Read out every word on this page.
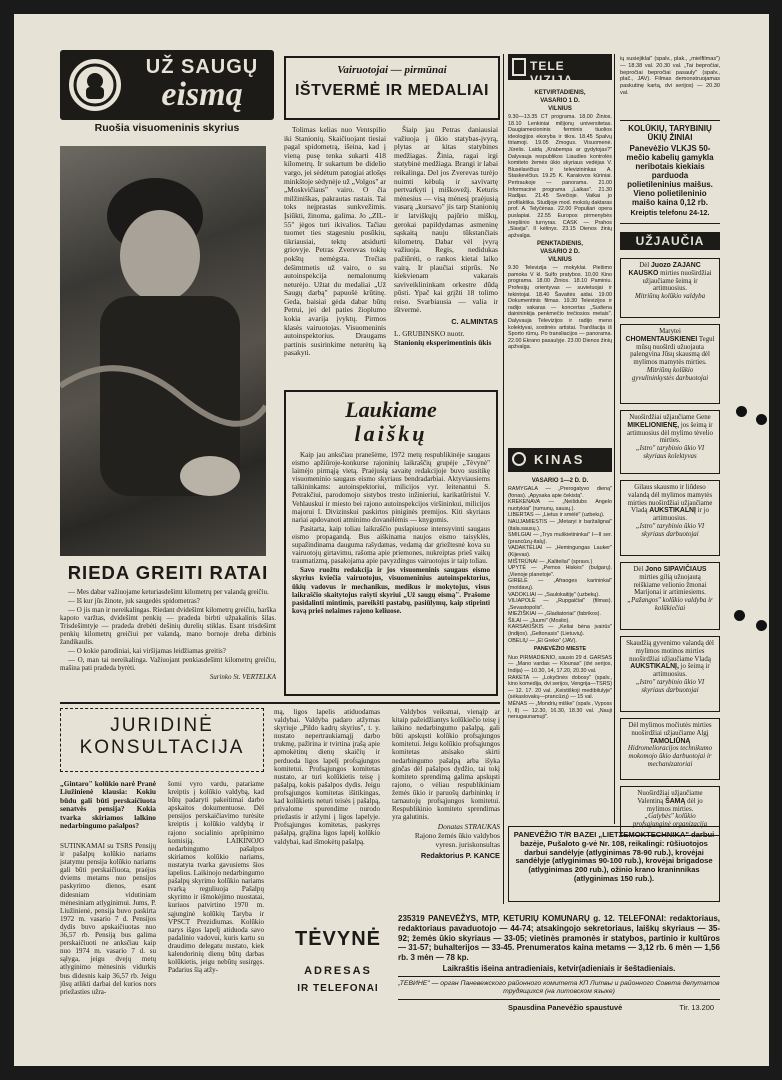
UŽ SAUGŲ
eismą
Ruošia visuomeninis skyrius
RIEDA GREITI RATAI

— Mes dabar važiuojame keturiasdešimt kilometrų per valandą greičiu.

— Iš kur jūs žinote, juk saugedės spidometras?

— O jis man ir nereikalingas. Riedant dvidešimt kilometrų greičiu, barška kapoto varžtas, dvidešimt penkių — pradeda birbti užpakalinis šilas. Trisdešimtyje — pradeda drebėti dešinių durelių stiklas. Esant trisdešimt penkių kilometrų greičiui per valandą, mano bornoje dreba dirbinis žandikaulis.

— O kokie parodiniai, kai viršijamas leidžiamas greitis?

— O, man tai nereikalinga. Važiuojant penkiasdešimt kilometrų greičiu, mašina pati pradeda byrėti.

Surinko St. VERTELKA
Vairuotojai — pirmūnai
IŠTVERMĖ IR MEDALIAI
Tolimas kelias nuo Ventspilio iki Stanionių. Skaičiuojant tiesiai pagal spidometrą, išeina, kad į vieną pusę tenka sukarti 418 kilometrų. Ir sukartum be didelio vargo, jei sėdėtum patogiai atlošęs minkštoje sėdynėje už „Volgos" ar „Moskvičiaus" vairo. O čia milžiniškas, pakrautas rastais. Tai toks neįprastas sunkvežimis. Įsiūkti, žinoma, galima. Jo „ZIL-55" jėgos turi ikivalios. Tačiau tuomet ties stagesniu posūkiu, tikriausiai, tektų atsidurti griovyje. Petras Zverevas tokių pokštų nemėgsta. Trečias dešimtmetis už vairo, o su autoinspekcija nemalonumų neturėjo. Užtat du medaliai „Už Saugų darbą" papuošė krūtinę. Geda, baisiai gėda dabar būtų Petrui, jei del paties žioplumo kokia avarija įvyktų. Pirmos klasės vairuotojas. Visuomeninis autoinspektorius. Draugams partinis susirinkime neturėtų ką pasakyti.
Šiaip jau Petras daniausiai važiuoja į ūkio statybas-įvyrą, plytas ar kitas statybines medžiagas. Žinia, ragai irgi statybinė medžiaga. Brangi ir labai reikalinga. Del jos Zverevas turėjo nuimti kėbulą ir savivartę pertvarkyti į miškovežį. Keturis mėnesius — visą mėnesį praėjusią vasarą „kursavo" jis tarp Stanionių ir latviškųjų pajūrio miškų, gerokai papildydamas asmeninę sąskaitą nauju tūkstančiais kilometrų. Dabar vėl įvyrą važiuoja. Regis, nedidukas pažiūrėti, o rankos kietai laiko vairą. Ir plaučiai stiprūs. Ne kiekvienam vakarais saviveiklininkam orkestre dūdą pūsti. Ypač kai grįžti 18 tolimo reiso. Svarbiausia — valia ir ištvermė.
C. ALMINTAS
L. GRUBINSKO nuotr.
Stanionių eksperimentinis ūkis
Laukiame
laiškų

Kaip jau anksčiau pranešėme, 1972 metų respublikinėje saugaus eismo apžiūroje-konkurse rajoninių laikraščių grupėje „Tėvynė" laimėjo pirmąją vietą. Praėjusią savaitę redakcijoje buvo susitikę visuomeninio saugaus eismo skyriaus bendradarbiai. Aktyviausiems talkininkams: autoinspektoriui, milicijos vyr. leitenantui S. Petrakčiui, parodomojo sistybos tresto inžinieriui, karikatūristui V. Vehlauskui ir miesto bei rajono autoinspekcijos viršininkui, milicijos majorui I. Divizinskui paskirtos piniginės premijos. Kiti skyriaus nariai apdovanoti atminimo dovanėlėmis — knygomis.

Pasitarta, kaip toliau laikraščio puslapiuose intensyvinti saugaus eismo propagandą. Bus aiškinama naujos eismo taisyklės, supažindinama dauguma rašydamas, vedamą dar griežtesnė kova su vairuotojų girtavimu, rašoma apie priemones, nukreiptas prieš vaikų traumatizmą, pasakojama apie pavyzdingus vairuotojus ir taip toliau.

Savo ruožtu redakcija ir jos visuomeninis saugaus eismo skyrius kviečia vairuotojus, visuomeninius autoinspektorius, ūkių vadovus ir mechanikus, medikus ir mokytojus, visus laikraščio skaitytojus rašyti skyriui „Už saugų eismą". Prašome pasidalinti mintimis, pareikšti pastabų, pasiūlymų, kaip stiprinti kovą prieš nelaimes rajono keliuose.

TELE VIZIJA
KETVIRTADIENIS,
VASARIO 1 D.
VILNIUS
9.30—13.35 CT programa. 18.00 Žinios. 18.10 Lenkiniai milijonų universitetas. Daugiamecioninis ferminis tiuolios ideologijos ekoryba ir tikra. 18.45 Spalvų tiriamoji. 19.05 Zmogus. Visuomenė. Jūrelis. Laidą „Krabempa ar gydytojas?" Dalyvauja respublikos Liaudies kontrolės komiteto žemės ūkio skyriaus vedėjas V. Blusėlavičius ir televizininkas A. Staskevičius. 19.25 K. Karaiovos kūriniai. Pertraukoje — panorama. 21.00 Informacinė programa „Laikas". 21.30 Radijas. 21.45 Svečioje. Vaikai jo profilaktika. Studijoje mod. mokslų daktaras prof. A. Telyčėnas. 22.00 Populiari opera puslapiai. 22.55 Europos pirmenybės krepšinio turnyras. CASK — Prahos „Slavija". Il kėlinys. 23.15 Dienos žinių apžvalga.
PENKTADIENIS,
VASARIO 2 D.
VILNIUS
9.30 Televizija — mokyklai. Piešimo pamoka V kl. Sulfo pratybos. 10.00 Kino programa. 18.00 Žinios. 18.10 Paminiu. Profesijų orientyvas — suvietuojai ir tekintojai. 18.40 Šavaitės aidai. 19.00 Dokumentinis filmas. 19.30 Televizijos ir radijo vakaras — koncertas „Sudiena dainininkija penkmečio trečiosios metais". Dalyvauja Televizijos ir radijo meno kolektyvai, sostinės artistai. Tranšlacija iš Sporto rūmų. Po transliacijos — panorama. 22.00 Ekrano pasaulyje. 23.00 Dienos žinių apžvalga.
KINAS
VASARIO 1—2 D. D.

RAMYGALA — „Prerogatyvo dieną" (fonas). „Apysaka apie čekistą".

KREKENAVA — „Neišdubs Angelo nuotykiai" (rumunų, sausų.).

LIBERTAS — „Lietus ir smėlė" (uzbekų).

NAUJAMIESTIS — „Metaryi ir baržalignai" (itala.sausų.).

SMILGIAI — „Trys muškietininkai" I—II ser. (prancūzų-italų).

VADAKTĖLIAI — „Hemingungas Lauker" (Kijevas).

MIŠTRŪNAI — „Kaliteliai" (spravs.)

UPYTĖ — „Pemos Hiskės" (bulgarų). „Vienoje planetoje".

GIRELĖ — „Afraoges karininkai" (moldavų).

VADOKLIAI — „Saulokaitiję" (uzbekų).

VILIAPOLĖ — „Rupgaičiai" (filmas). „Sevastopolis".

MIEŽIŠKIAI — „Gladiatoriai" (fabrikos).

ŠILAI — „Juumi" (Moslin).

KARSAKIŠKIS — „Keliai bėna įvairūs" (indijos). „Geltonasis" (Lietuvių).

OBELIŲ — „El Greko" (JAV).

PANEVĖŽIO MIESTE

Nuo PIRMADIENIO, sausio 29 d. GARSAS — „Mano vardas — Klounas" (dvi serijos, Indija) — 10.30, 14, 17.20, 20.30 val.

RAKETA — „Lokyčinės dobosy" (spalv., kino komedija, dvi serijos, Vengrija—TSRS) — 12. 17. 20 val. „Keistiškoji medibilulyje" (sėkaslovakų—prancūzų) — 15 val.

MĖNAS — „Mondrių miške" (spalv., Vyposs I, II) — 12.30, 16.30, 18.30 val. „Nauji nenugaunamuji".

ių susiejiklai" (spalv., plak., „mielfilmas") — 18.38 val. 20.30 val. „Tai bepročiai, bepročiai bepročiai pasauly" (spalv., plač., JAV). Filmas demonstruojamas paskutinę kartą, dvi serijos) — 20.30 val.
KOLŪKIŲ, TARYBINIŲ ŪKIŲ ŽINIAI
Panevėžio VLKJS 50-mečio kabelių gamykla neribotais kiekiais parduoda polietileninius maišus. Vieno polietileninio maišo kaina 0,12 rb.
Kreiptis telefonu 24-12.
UŽJAUČIA
Dėl Juozo ZAJANC KAUSKO mirties nuoširdžiai užjaučiame šeimą ir artimuosius.
Mitriūnų kolūkio valdyba
Marytei CHOMENTAUSKIENEI Tegul mūsų nuoširdi užuojauta palengvina Jūsų skausmą dėl mylimos mamytės mirties.
Mitriūnų kolūkio gyvulininkystės darbuotojai
Nuoširdžiai užjaučiame Gene MIKELIONIENĘ, jos šeimą ir artimuosius dėl mylimo tėvelio mirties.
„Istro" tarybinio ūkio VI skyriaus kolektyvas
Gilaus skausmo ir liūdeso valandą dėl mylimos mamytės mirties nuoširdžiai užjaučiame Vladą AUKSTIKALNĮ ir jo artimuosius.
„Istro" tarybinio ūkio VI skyriaus darbuotojai
Dėl Jono SIPAVIČIAUS mirties gilią užuojautą reiškiame velionio žmonai Marijonai ir artimiesiems.
„Pažangos" kolūkio valdyba ir kolūkiečiai
Skaudžią gyvenimo valandą dėl mylimos motinos mirties nuoširdžiai užjaučiame Vladą AUKSTIKALNĮ, jo šeimą ir artimuosius.
„Istro" tarybinio ūkio VI skyriaus darbuotojai
Dėl mylimos močiutės mirties nuoširdžiai užjaučiame Algį TAMOLIŪNĄ
Hidromelioracijos technikumo mokomojo ūkio darbuotojai ir mechanizatoriai
Nuoširdžiai užjaučiame Valentiną ŠAMĄ dėl jo mylimos mirties.
„Galybės" kolūkio profsąjunginė organizacija
JURIDINĖ
KONSULTACIJA
„Gintaro" kolūkio narė Pranė Liužinienė klausia: Kokiu būdu gali būti perskaičiuota senatvės pensija? Kokia tvarka skiriamos lalkino nedarbingumo pašalpos?
SUTINKAMAI su TSRS Pensijų ir pašalpų kolūkio nariams įstatymu pensija kolūkio nariams gali būti perskaičiuota, praėjus dviems metams nuo pensijos paskyrimo dienos, esant didesniam vidutiniam mėnesiniam atlyginimui. Jums, P. Liužinienė, pensija buvo paskirta 1972 m. vasario 7 d. Pensijos dydis buvo apskaičiuotas nuo 36,57 rb. Pensiją bus galima perskaičiuoti ne anksčiau kaip nuo 1974 m. vasario 7 d. su sąlyga, jeigu dvejų metų atlyginimo mėnesinis vidurkis bus didesnis kaip 36,57 rb. Jeigu jūsų atlikti darbai del kurios nors priežasties užra-
šomi vyro vardu, patariame kreiptis į kolūkio valdybą, kad būtų padaryti pakeitimai darbo apskaitos dokumentuose. Dėl pensijos perskaičiavimo turėsite kreiptis į kolūkio valdybą ir rajono socialinio aprūpinimo komisiją. LAIKINOJO nedarbingumo pašalpos skiriamos kolūkio nariams, nustatyta tvarka gavusiems šios lapelius. Laikinojo nedarbingumo pašalpų skyrimo kolūkio nariams tvarką reguliuoja Pašalpų skyrimo ir išmokėjimo nuostatai, kuriuos patvirtino 1970 m. sąjunginė kolūkių Taryba ir VPSCT Prezidiumas. Kolūkio narys išgos lapelį atiduoda savo padalinio vadovui, kuris kartu su draudimo delegatu nustato, kiek kalendorinių dienų būtų darbas kolūkietis, jeigu nebūtų susirgęs. Padarius šią atžy-
mą, ligos lapelis atiduodamas valdybai. Valdyba padaro atžymas skyriuje „Pildo kadrų skyrius", t. y. nustato nepertraukiamąjį darbo trukmę, pažirina ir tvirtina įrašą apie apmokėtinų dienų skaičių ir perduoda ligos lapelį profsąjungos komitetui. Profsąjungos komitetas nustato, ar turi kolūkietis teisę į pašalpą, kokis pašalpos dydis. Jeigu profsąjungos komitetas išitikingas, kad kolūkietis neturi teisės į pašalpą, privalome spurendime nurodo priežastis ir atžymi į ligos lapelyje. Profsąjungos komitetas, paskyręs pašalpą, grąžina ligos lapelį kolūkio valdybai, kad išmokėtų pašalpą.
Valdybos veiksmai, vienąip ar kitaip pažeidžiantys kolūkiečio teisę į laikino nedarbingumo pašalpą, gali būti apskųsti kolūkio profsąjungos komitetui. Jeigu kolūkio profsąjungos komitetas atsisako skirti nedarbingumo pašalpą arba išyka ginčas dėl pašalpos dydžio, tai tokį komiteto sprendimą galima apskųsti rajono, o vėliau respublikiniam žemės ūkio ir paruošų darbininkų ir tarnautojų profsąjungos komitetui. Respublikinio komiteto sprendimas yra galutinis.
Donatas STRAUKAS
Rajono žemės ūkio valdybos vyresn. juriskonsultas
Redaktorius P. KANCE
PANEVĖŽIO T/R BAZEI „LIETZEMOKTECHNIKA" darbui bazėje, Pušaloto g-vė Nr. 108, reikalingi: rūšiuotojos darbui sandėlyje (atlyginimas 78-90 rub.), krovėjai sandėlyje (atlyginimas 90-100 rub.), krovėjai brigadose (atlyginimas 200 rub.), ožinio krano kraninnikas (atlyginimas 150 rub.).
TĖVYNĖ
ADRESAS
IR TELEFONAI
235319 PANEVĖŽYS, MTP, KETURIŲ KOMUNARŲ g. 12. TELEFONAI: redaktoriaus, redaktoriaus pavaduotojo — 44-74; atsakingojo sekretoriaus, laiškų skyriaus — 35-92; žemės ūkio skyriaus — 33-05; vietinės pramonės ir statybos, partinio ir kultūros — 31-57; buhalterijos — 33-45. Prenumeratos kaina metams — 3,12 rb. 6 mėn — 1,56 rb. 3 mėn — 78 kp.
Laikraštis išeina antradieniais, ketvir(adieniais ir šeštadieniais.
„ТЕВИНЕ" — орган Паневежского районного комитета КП Литвы и районного Совета депутатов трудящихся (на литовском языке)
Spausdina Panevėžio spaustuvė	Tir. 13.200
